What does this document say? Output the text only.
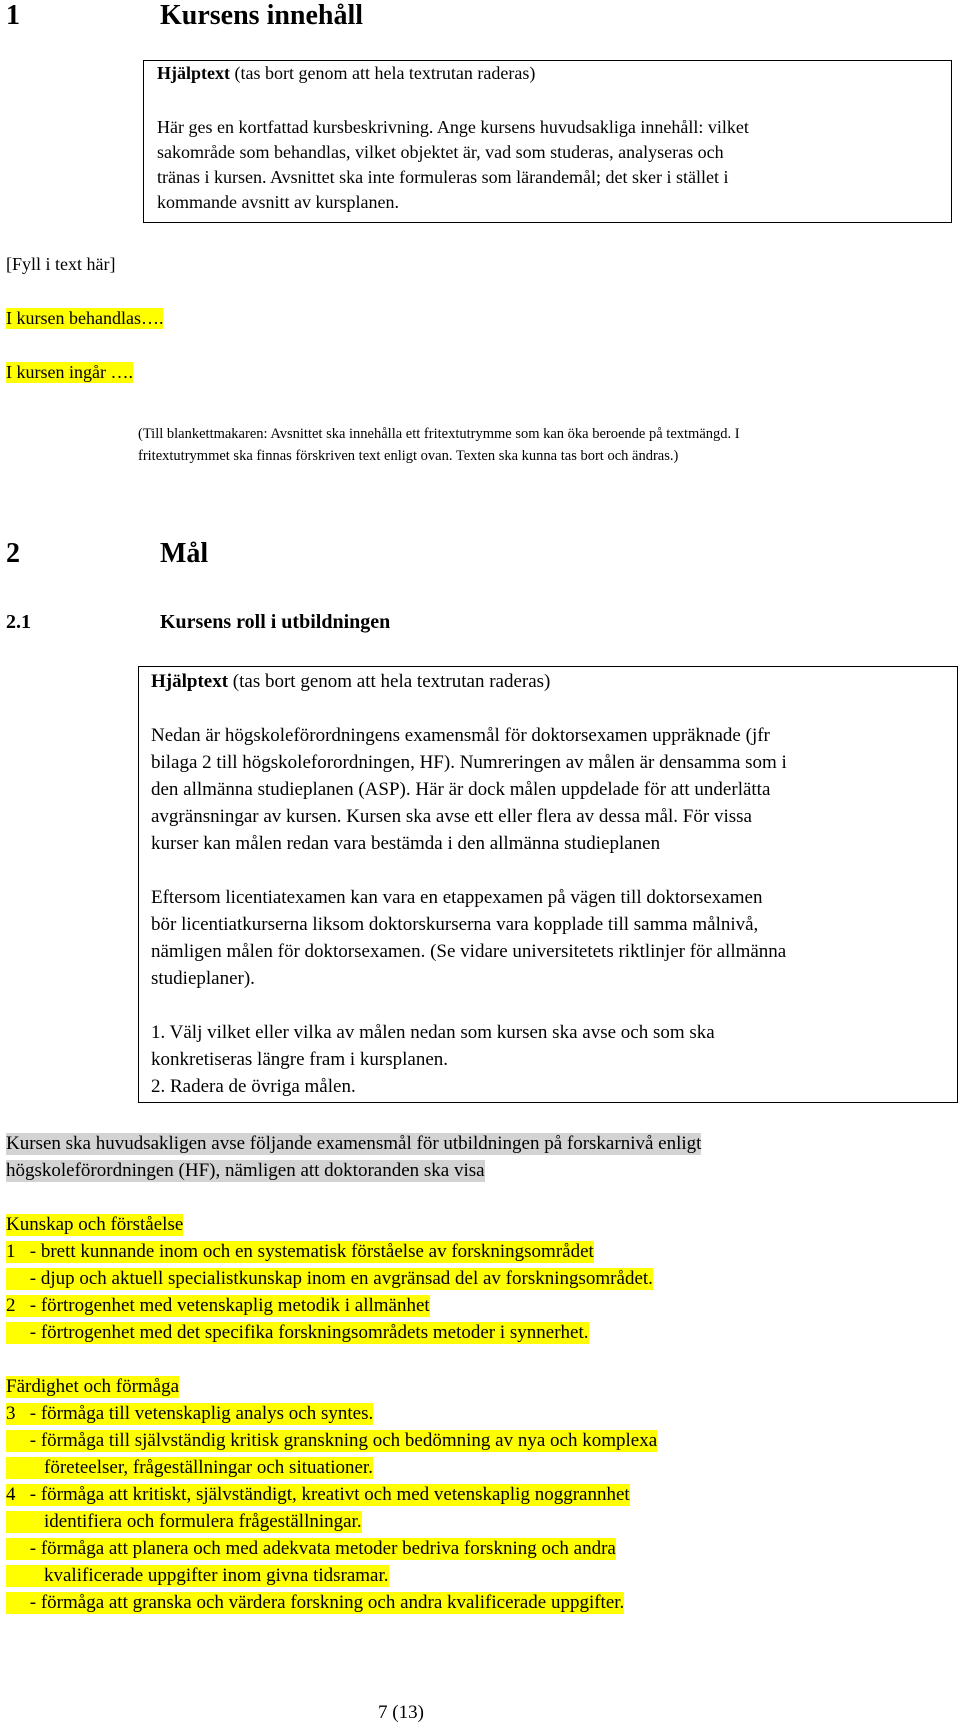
1	Kursens innehåll
Hjälptext (tas bort genom att hela textrutan raderas)
Här ges en kortfattad kursbeskrivning. Ange kursens huvudsakliga innehåll: vilket
sakområde som behandlas, vilket objektet är, vad som studeras, analyseras och
tränas i kursen. Avsnittet ska inte formuleras som lärandemål; det sker i stället i
kommande avsnitt av kursplanen.
[Fyll i text här]
I kursen behandlas….
I kursen ingår ….
(Till blankettmakaren: Avsnittet ska innehålla ett fritextutrymme som kan öka beroende på textmängd. I
fritextutrymmet ska finnas förskriven text enligt ovan. Texten ska kunna tas bort och ändras.)
2	Mål
2.1	Kursens roll i utbildningen
Hjälptext (tas bort genom att hela textrutan raderas)
Nedan är högskoleförordningens examensmål för doktorsexamen uppräknade (jfr
bilaga 2 till högskoleforordningen, HF). Numreringen av målen är densamma som i
den allmänna studieplanen (ASP). Här är dock målen uppdelade för att underlätta
avgränsningar av kursen. Kursen ska avse ett eller flera av dessa mål. För vissa
kurser kan målen redan vara bestämda i den allmänna studieplanen
Eftersom licentiatexamen kan vara en etappexamen på vägen till doktorsexamen
bör licentiatkurserna liksom doktorskurserna vara kopplade till samma målnivå,
nämligen målen för doktorsexamen. (Se vidare universitetets riktlinjer för allmänna
studieplaner).
1. Välj vilket eller vilka av målen nedan som kursen ska avse och som ska
konkretiseras längre fram i kursplanen.
2. Radera de övriga målen.
Kursen ska huvudsakligen avse följande examensmål för utbildningen på forskarnivå enligt
högskoleförordningen (HF), nämligen att doktoranden ska visa
Kunskap och förståelse
1   - brett kunnande inom och en systematisk förståelse av forskningsområdet
- djup och aktuell specialistkunskap inom en avgränsad del av forskningsområdet.
2   - förtrogenhet med vetenskaplig metodik i allmänhet
- förtrogenhet med det specifika forskningsområdets metoder i synnerhet.
Färdighet och förmåga
3   - förmåga till vetenskaplig analys och syntes.
- förmåga till självständig kritisk granskning och bedömning av nya och komplexa
företeelser, frågeställningar och situationer.
4   - förmåga att kritiskt, självständigt, kreativt och med vetenskaplig noggrannhet
identifiera och formulera frågeställningar.
- förmåga att planera och med adekvata metoder bedriva forskning och andra
kvalificerade uppgifter inom givna tidsramar.
- förmåga att granska och värdera forskning och andra kvalificerade uppgifter.
7 (13)
